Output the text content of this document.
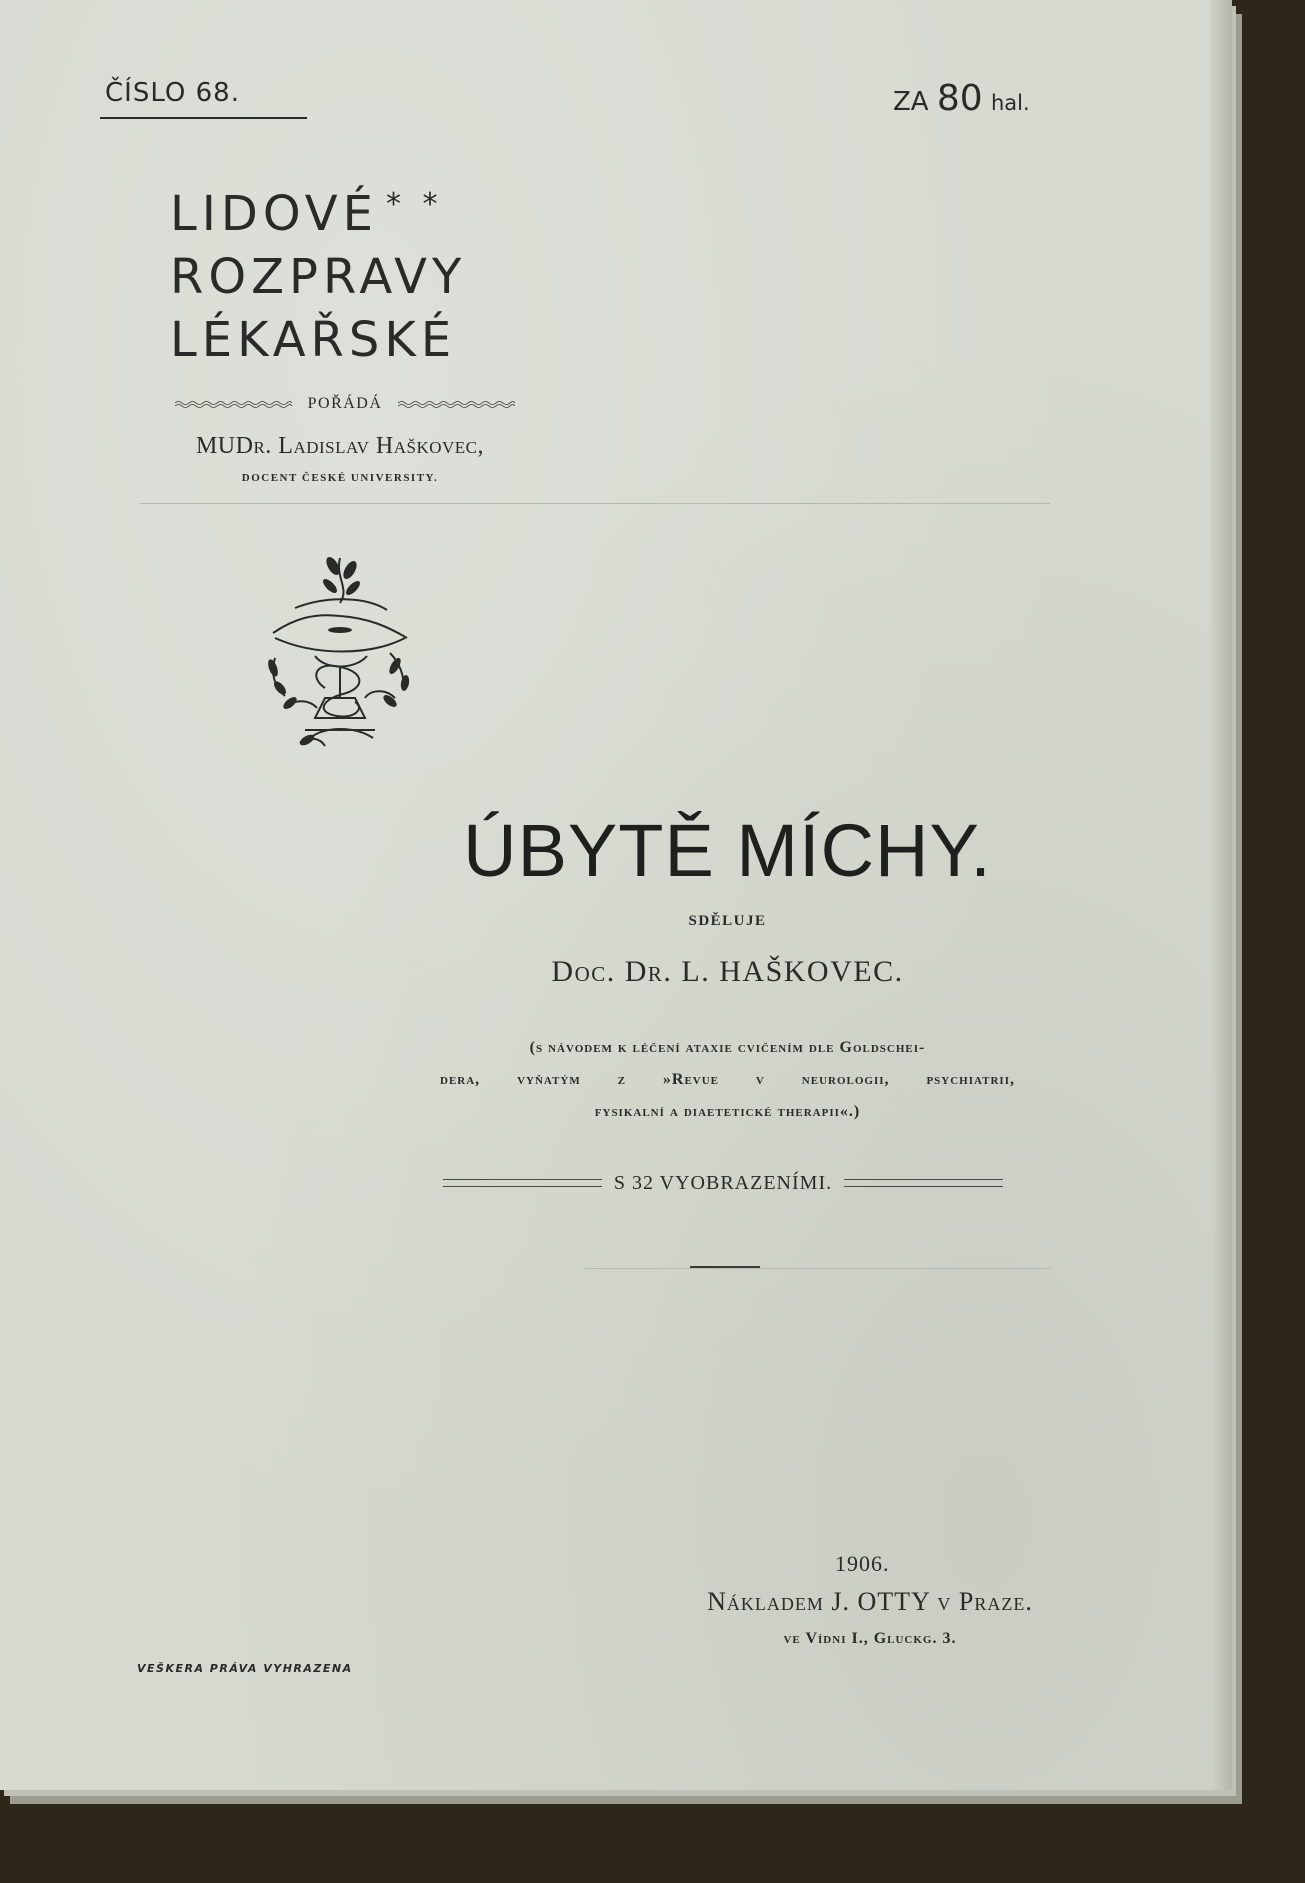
ČÍSLO 68.	ZA 80 hal.
LIDOVÉ * *
ROZPRAVY
LÉKAŘSKÉ
POŘÁDÁ
MUDr. Ladislav Haškovec,
DOCENT ČESKÉ UNIVERSITY.
ÚBYTĚ MÍCHY.
SDĚLUJE
Doc. Dr. L. HAŠKOVEC.
(s návodem k léčení ataxie cvičením dle Goldschei-
dera, vyňatým z »Revue v neurologii, psychiatrii,
fysikalní a diaetetické therapii«.)
S 32 VYOBRAZENÍMI.
1906.
Nákladem J. OTTY v Praze.
ve Vídni I., Gluckg. 3.
VEŠKERA PRÁVA VYHRAZENA
